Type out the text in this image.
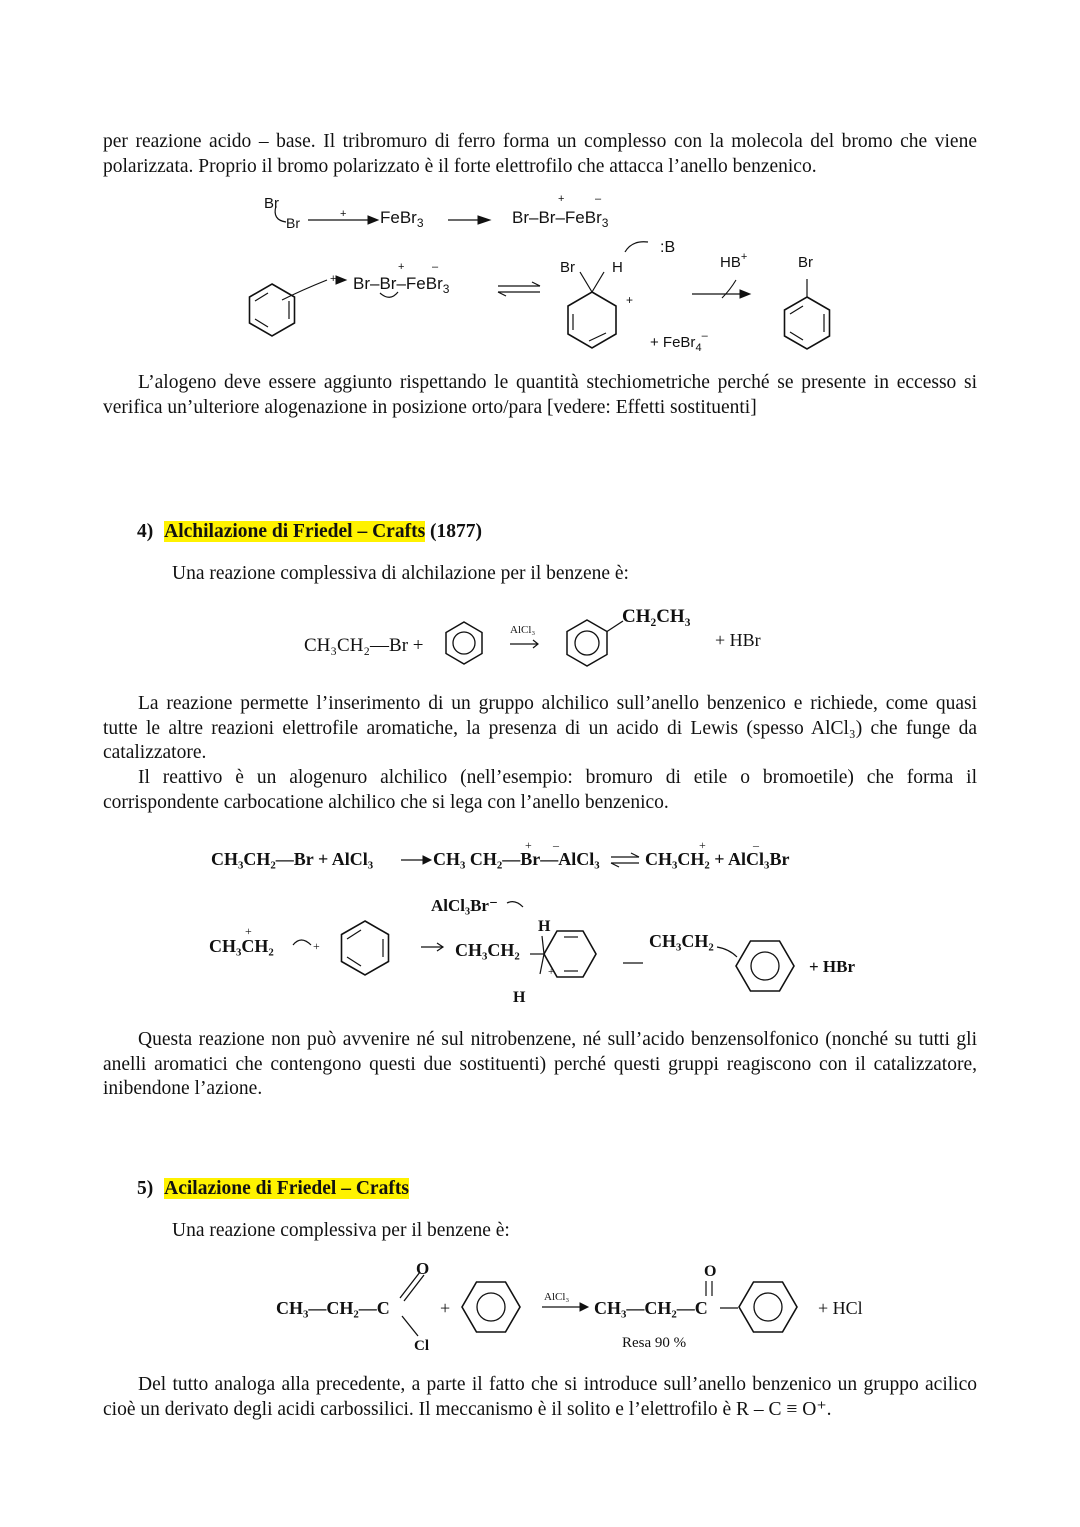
per reazione acido – base. Il tribromuro di ferro forma un complesso con la molecola del bromo che viene polarizzata. Proprio il bromo polarizzato è il forte elettrofilo che attacca l’anello benzenico.

Br
Br
+ FeBr$_3$	Br–Br–FeBr$_3$
+	–
+ Br–Br–FeBr$_3$
+	–	Br H
+
:B
HB+
+ FeBr$_4$–
Br

L’alogeno deve essere aggiunto rispettando le quantità stechiometriche perché se presente in eccesso si verifica un’ulteriore alogenazione in posizione orto/para [vedere: Effetti sostituenti]

4) Alchilazione di Friedel – Crafts (1877)

Una reazione complessiva di alchilazione per il benzene è:

CH₃CH₂—Br +
AlCl₃
CH₂CH₃
+ HBr

La reazione permette l’inserimento di un gruppo alchilico sull’anello benzenico e richiede, come quasi tutte le altre reazioni elettrofile aromatiche, la presenza di un acido di Lewis (spesso AlCl₃) che funge da catalizzatore.

Il reattivo è un alogenuro alchilico (nell’esempio: bromuro di etile o bromoetile) che forma il corrispondente carbocatione alchilico che si lega con l’anello benzenico.

CH₃CH₂—Br + AlCl₃	CH₃ CH₂—Br—AlCl₃
+ –
CH₃CH₂ + AlCl₃Br
+	–
AlCl₃Br⁻
CH₃CH₂
+
+	CH₃CH₂
H
H
+
CH₃CH₂
+ HBr

Questa reazione non può avvenire né sul nitrobenzene, né sull’acido benzensolfonico (nonché su tutti gli anelli aromatici che contengono questi due sostituenti) perché questi gruppi reagiscono con il catalizzatore, inibendone l’azione.

5) Acilazione di Friedel – Crafts

Una reazione complessiva per il benzene è:

CH₃—CH₂—C
O
Cl
+
AlCl₃
CH₃—CH₂—C
O
Resa 90 %
+ HCl

Del tutto analoga alla precedente, a parte il fatto che si introduce sull’anello benzenico un gruppo acilico cioè un derivato degli acidi carbossilici. Il meccanismo è il solito e l’elettrofilo è R – C ≡ O⁺.
